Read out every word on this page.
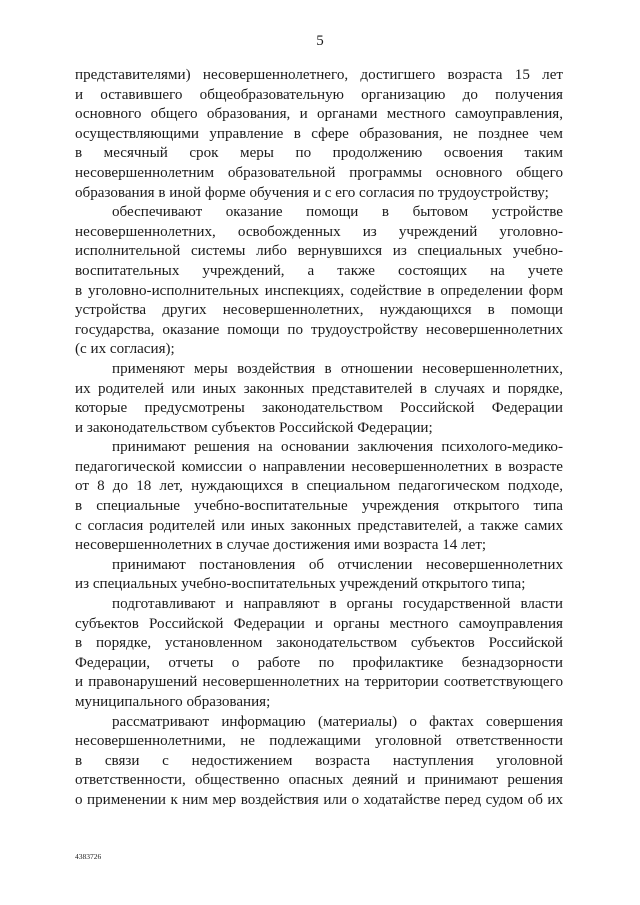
5
представителями) несовершеннолетнего, достигшего возраста 15 лет
и оставившего общеобразовательную организацию до получения
основного общего образования, и органами местного самоуправления,
осуществляющими управление в сфере образования, не позднее чем
в месячный срок меры по продолжению освоения таким
несовершеннолетним образовательной программы основного общего
образования в иной форме обучения и с его согласия по трудоустройству;
обеспечивают оказание помощи в бытовом устройстве
несовершеннолетних, освобожденных из учреждений уголовно-
исполнительной системы либо вернувшихся из специальных учебно-
воспитательных учреждений, а также состоящих на учете
в уголовно-исполнительных инспекциях, содействие в определении форм
устройства других несовершеннолетних, нуждающихся в помощи
государства, оказание помощи по трудоустройству несовершеннолетних
(с их согласия);
применяют меры воздействия в отношении несовершеннолетних,
их родителей или иных законных представителей в случаях и порядке,
которые предусмотрены законодательством Российской Федерации
и законодательством субъектов Российской Федерации;
принимают решения на основании заключения психолого-медико-
педагогической комиссии о направлении несовершеннолетних в возрасте
от 8 до 18 лет, нуждающихся в специальном педагогическом подходе,
в специальные учебно-воспитательные учреждения открытого типа
с согласия родителей или иных законных представителей, а также самих
несовершеннолетних в случае достижения ими возраста 14 лет;
принимают постановления об отчислении несовершеннолетних
из специальных учебно-воспитательных учреждений открытого типа;
подготавливают и направляют в органы государственной власти
субъектов Российской Федерации и органы местного самоуправления
в порядке, установленном законодательством субъектов Российской
Федерации, отчеты о работе по профилактике безнадзорности
и правонарушений несовершеннолетних на территории соответствующего
муниципального образования;
рассматривают информацию (материалы) о фактах совершения
несовершеннолетними, не подлежащими уголовной ответственности
в связи с недостижением возраста наступления уголовной
ответственности, общественно опасных деяний и принимают решения
о применении к ним мер воздействия или о ходатайстве перед судом об их
4383726
